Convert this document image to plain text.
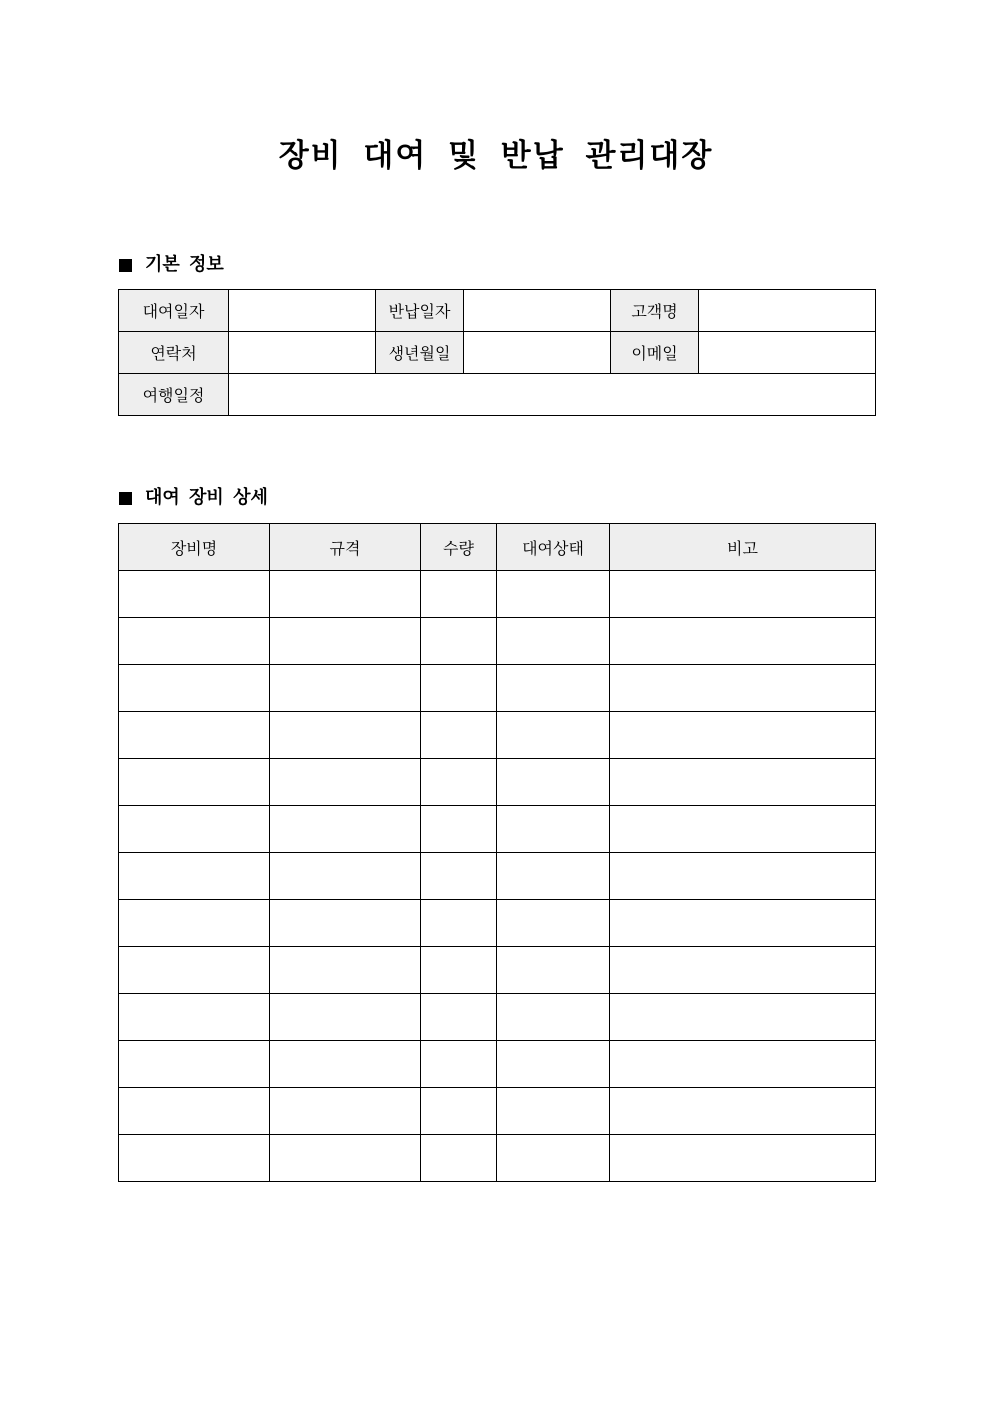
장비 대여 및 반납 관리대장
기본 정보
대여일자		반납일자		고객명	
연락처		생년월일		이메일	
여행일정					
대여 장비 상세
장비명	규격	수량	대여상태	비고
